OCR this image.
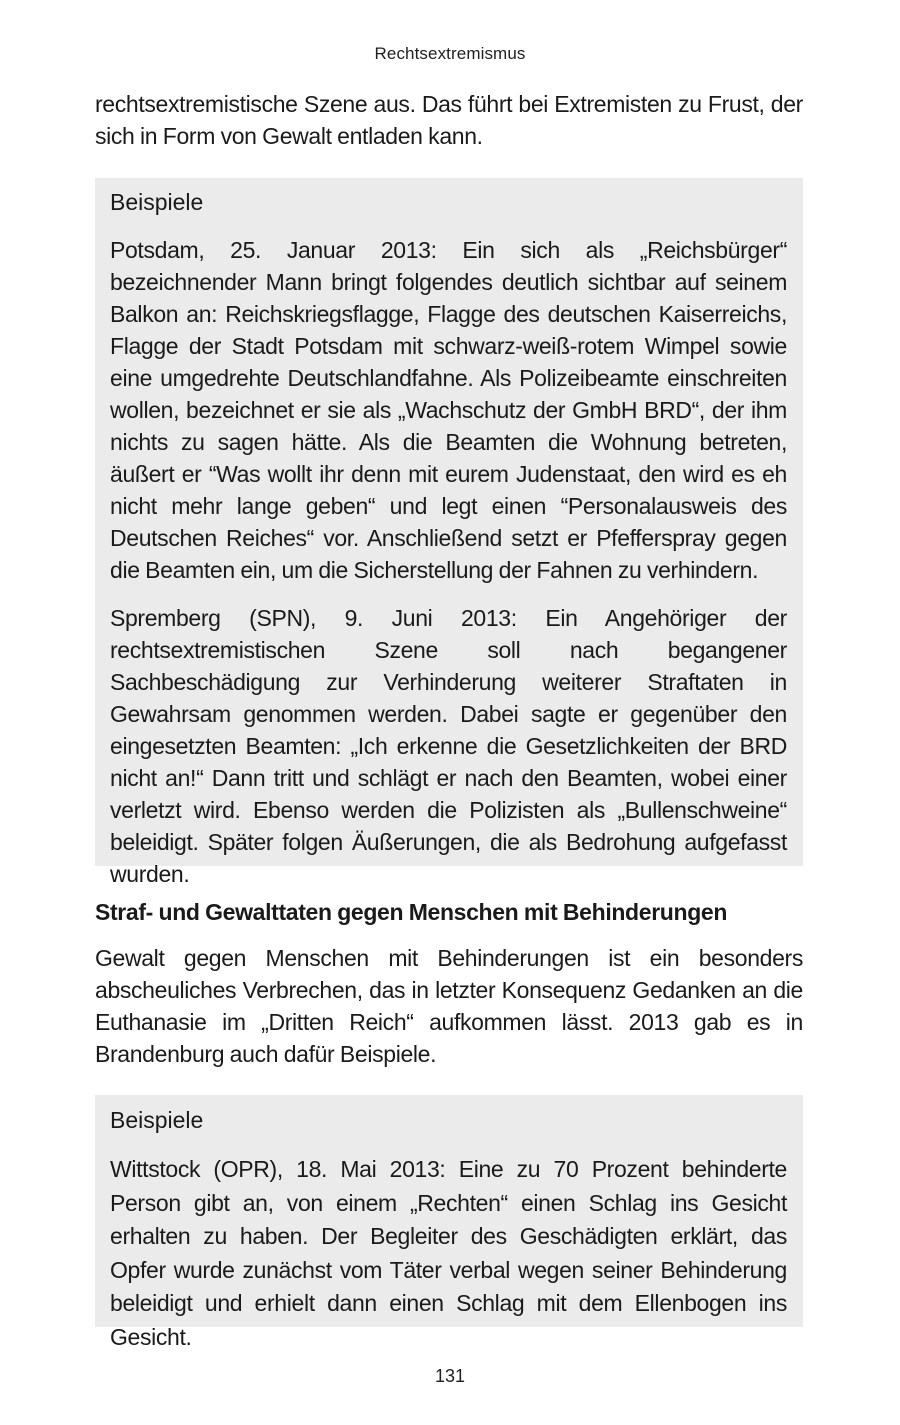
Rechtsextremismus

rechtsextremistische Szene aus. Das führt bei Extremisten zu Frust, der sich in Form von Gewalt entladen kann.

Beispiele

Potsdam, 25. Januar 2013: Ein sich als „Reichsbürger“ bezeichnender Mann bringt folgendes deutlich sichtbar auf seinem Balkon an: Reichskriegsflagge, Flagge des deutschen Kaiserreichs, Flagge der Stadt Potsdam mit schwarz-weiß-rotem Wimpel sowie eine umgedrehte Deutschlandfahne. Als Polizeibeamte einschreiten wollen, bezeichnet er sie als „Wachschutz der GmbH BRD“, der ihm nichts zu sagen hätte. Als die Beamten die Wohnung betreten, äußert er “Was wollt ihr denn mit eurem Judenstaat, den wird es eh nicht mehr lange geben“ und legt einen “Personalausweis des Deutschen Reiches“ vor. Anschließend setzt er Pfefferspray gegen die Beamten ein, um die Sicherstellung der Fahnen zu verhindern.

Spremberg (SPN), 9. Juni 2013: Ein Angehöriger der rechtsextremistischen Szene soll nach begangener Sachbeschädigung zur Verhinderung weiterer Straftaten in Gewahrsam genommen werden. Dabei sagte er gegenüber den eingesetzten Beamten: „Ich erkenne die Gesetzlichkeiten der BRD nicht an!“ Dann tritt und schlägt er nach den Beamten, wobei einer verletzt wird. Ebenso werden die Polizisten als „Bullenschweine“ beleidigt. Später folgen Äußerungen, die als Bedrohung aufgefasst wurden.

Straf- und Gewalttaten gegen Menschen mit Behinderungen

Gewalt gegen Menschen mit Behinderungen ist ein besonders abscheuliches Verbrechen, das in letzter Konsequenz Gedanken an die Euthanasie im „Dritten Reich“ aufkommen lässt. 2013 gab es in Brandenburg auch dafür Beispiele.

Beispiele

Wittstock (OPR), 18. Mai 2013: Eine zu 70 Prozent behinderte Person gibt an, von einem „Rechten“ einen Schlag ins Gesicht erhalten zu haben. Der Begleiter des Geschädigten erklärt, das Opfer wurde zunächst vom Täter verbal wegen seiner Behinderung beleidigt und erhielt dann einen Schlag mit dem Ellenbogen ins Gesicht.

131
